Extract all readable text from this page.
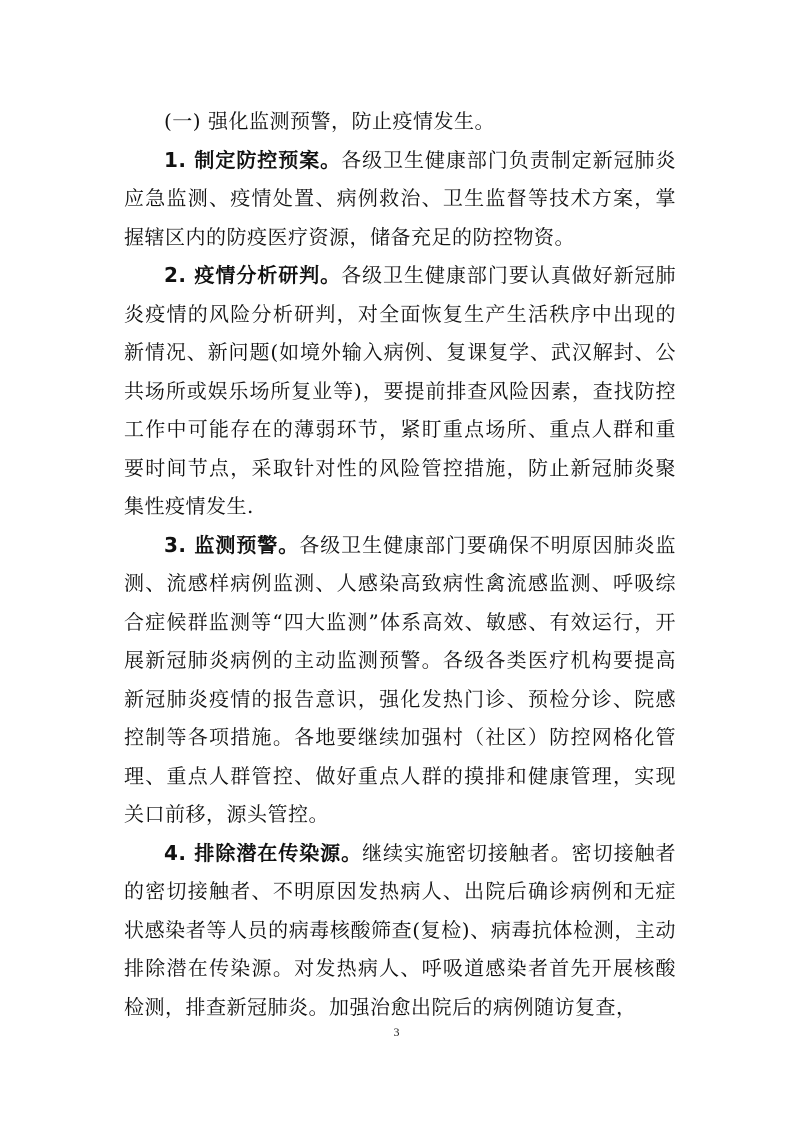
(一) 强化监测预警，防止疫情发生。

1. 制定防控预案。各级卫生健康部门负责制定新冠肺炎应急监测、疫情处置、病例救治、卫生监督等技术方案，掌握辖区内的防疫医疗资源，储备充足的防控物资。

2. 疫情分析研判。各级卫生健康部门要认真做好新冠肺炎疫情的风险分析研判，对全面恢复生产生活秩序中出现的新情况、新问题(如境外输入病例、复课复学、武汉解封、公共场所或娱乐场所复业等)，要提前排查风险因素，查找防控工作中可能存在的薄弱环节，紧盯重点场所、重点人群和重要时间节点，采取针对性的风险管控措施，防止新冠肺炎聚集性疫情发生.

3. 监测预警。各级卫生健康部门要确保不明原因肺炎监测、流感样病例监测、人感染高致病性禽流感监测、呼吸综合症候群监测等“四大监测”体系高效、敏感、有效运行，开展新冠肺炎病例的主动监测预警。各级各类医疗机构要提高新冠肺炎疫情的报告意识，强化发热门诊、预检分诊、院感控制等各项措施。各地要继续加强村（社区）防控网格化管理、重点人群管控、做好重点人群的摸排和健康管理，实现关口前移，源头管控。

4. 排除潜在传染源。继续实施密切接触者。密切接触者的密切接触者、不明原因发热病人、出院后确诊病例和无症状感染者等人员的病毒核酸筛查(复检)、病毒抗体检测，主动排除潜在传染源。对发热病人、呼吸道感染者首先开展核酸检测，排查新冠肺炎。加强治愈出院后的病例随访复查，

3
